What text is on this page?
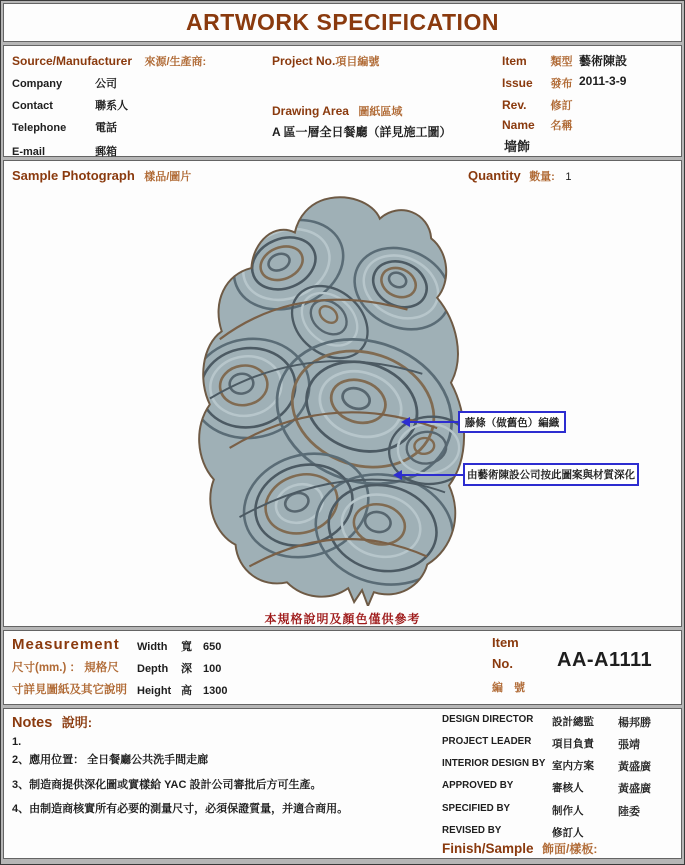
ARTWORK SPECIFICATION
Source/Manufacturer 來源/生產商:
Company	公司
Contact	聯系人
Telephone	電話
E-mail	郵箱
Project No.項目編號
Drawing Area 圖紙區域
A 區一層全日餐廳（詳見施工圖）
Item 類型 藝術陳設
Issue 發布 2011-3-9
Rev. 修訂
Name 名稱
墙飾
Sample Photograph 樣品/圖片	Quantity 數量: 1
藤條（做舊色）編織
由藝術陳設公司按此圖案與材質深化
本規格說明及顏色僅供參考
Measurement
尺寸(mm.) ： 規格尺
寸詳見圖紙及其它說明
Width 寬 650
Depth 深 100
Height 高 1300
Item
No.
編 號
AA-A1111
Notes 說明:
1.
2、應用位置： 全日餐廳公共洗手間走廊
3、制造商提供深化圖或實樣給 YAC 設計公司審批后方可生產。
4、由制造商核實所有必要的測量尺寸，必須保證質量，并適合商用。
DESIGN DIRECTOR	設計總監	楊邦勝
PROJECT LEADER	項目負責	張靖
INTERIOR DESIGN BY 室内方案	黃盛廣
APPROVED BY	審核人	黃盛廣
SPECIFIED BY	制作人	陸委
REVISED BY	修訂人
Finish/Sample 飾面/樣板:
